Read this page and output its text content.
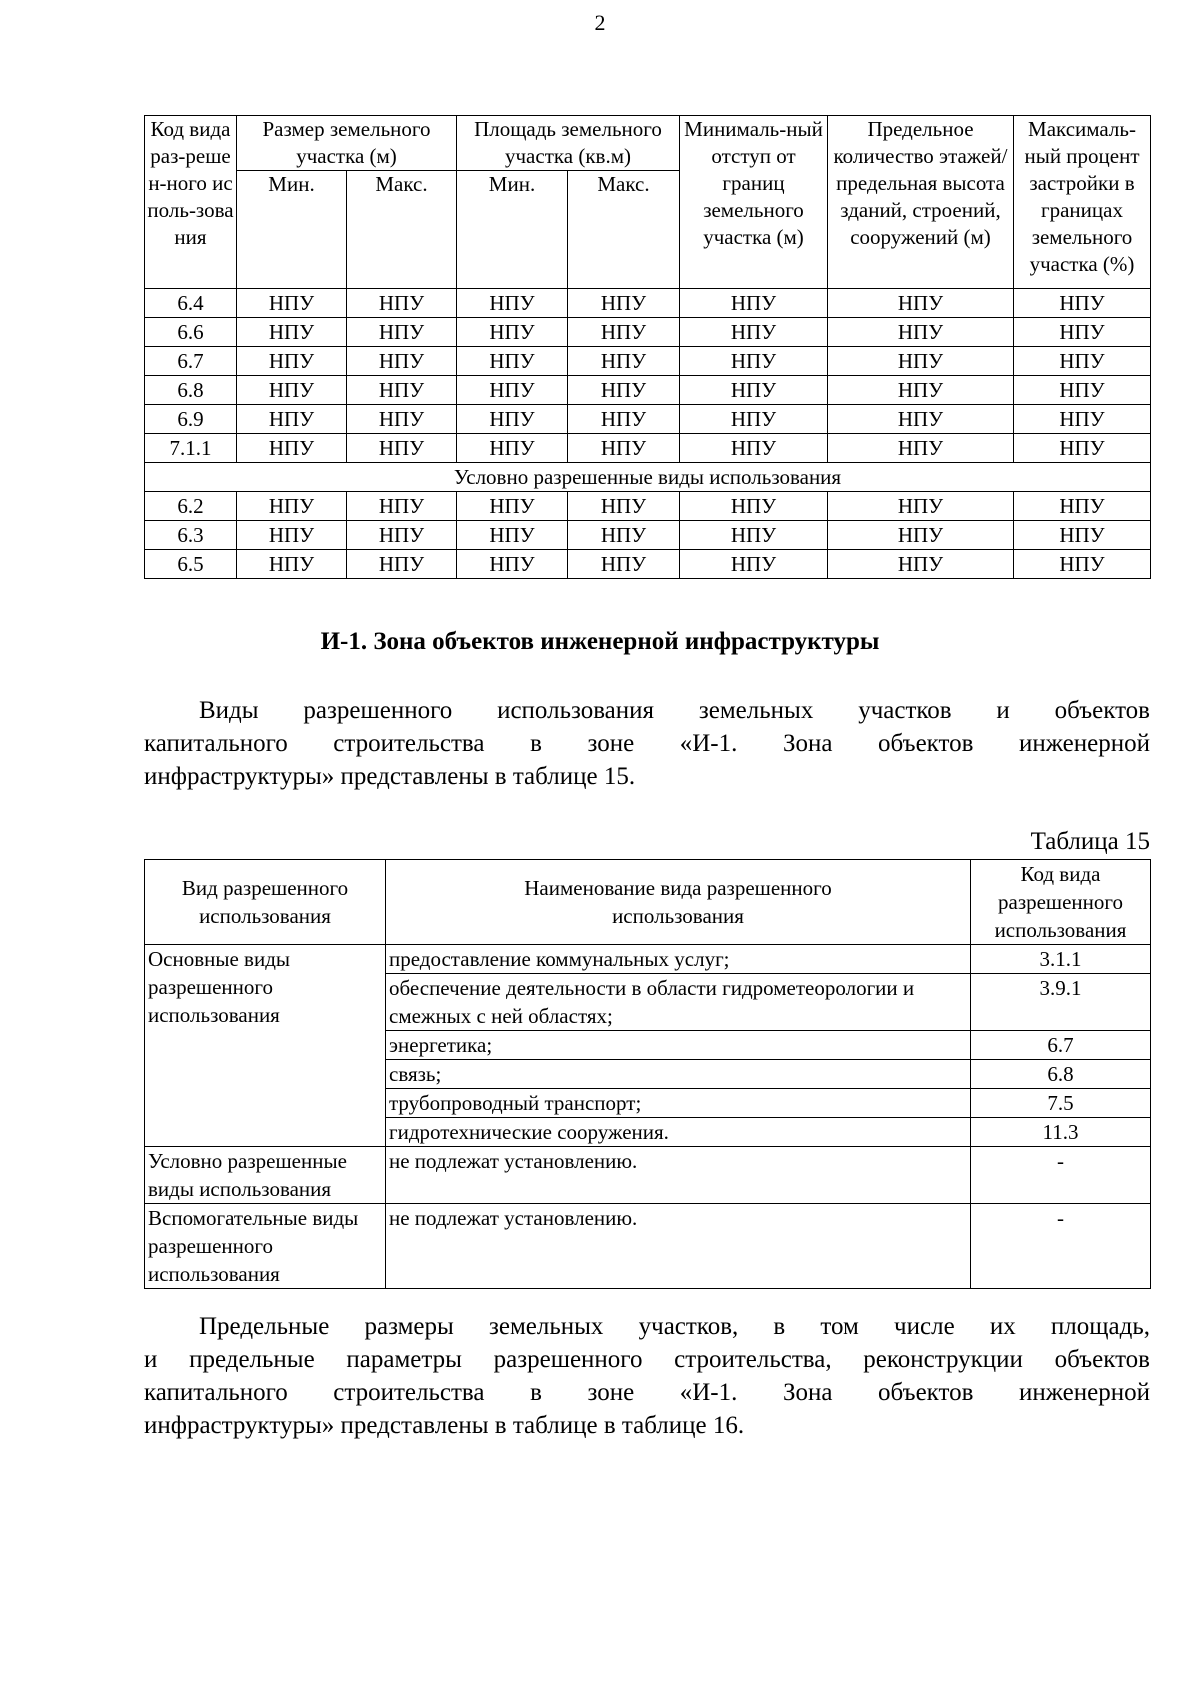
2
Код вида раз-решен-ного исполь-зования	Размер земельного участка (м)		Площадь земельного участка (кв.м)		Минималь-ный отступ от границ земельного участка (м)	Предельное количество этажей/ предельная высота зданий, строений, сооружений (м)	Максималь-ный процент застройки в границах земельного участка (%)
	Мин.	Макс.	Мин.	Макс.			
6.4	НПУ	НПУ	НПУ	НПУ	НПУ	НПУ	НПУ
6.6	НПУ	НПУ	НПУ	НПУ	НПУ	НПУ	НПУ
6.7	НПУ	НПУ	НПУ	НПУ	НПУ	НПУ	НПУ
6.8	НПУ	НПУ	НПУ	НПУ	НПУ	НПУ	НПУ
6.9	НПУ	НПУ	НПУ	НПУ	НПУ	НПУ	НПУ
7.1.1	НПУ	НПУ	НПУ	НПУ	НПУ	НПУ	НПУ
Условно разрешенные виды использования							
6.2	НПУ	НПУ	НПУ	НПУ	НПУ	НПУ	НПУ
6.3	НПУ	НПУ	НПУ	НПУ	НПУ	НПУ	НПУ
6.5	НПУ	НПУ	НПУ	НПУ	НПУ	НПУ	НПУ
И-1. Зона объектов инженерной инфраструктуры
Виды разрешенного использования земельных участков и объектов
капитального строительства в зоне «И-1. Зона объектов инженерной
инфраструктуры» представлены в таблице 15.
Таблица 15
Вид разрешенного использования	Наименование вида разрешенного использования	Код вида разрешенного использования
Основные виды разрешенного использования	предоставление коммунальных услуг;	3.1.1
	обеспечение деятельности в области гидрометеорологии и смежных с ней областях;	3.9.1
	энергетика;	6.7
	связь;	6.8
	трубопроводный транспорт;	7.5
	гидротехнические сооружения.	11.3
Условно разрешенные виды использования	не подлежат установлению.	-
Вспомогательные виды разрешенного использования	не подлежат установлению.	-
Предельные размеры земельных участков, в том числе их площадь,
и предельные параметры разрешенного строительства, реконструкции объектов
капитального строительства в зоне «И-1. Зона объектов инженерной
инфраструктуры» представлены в таблице в таблице 16.
